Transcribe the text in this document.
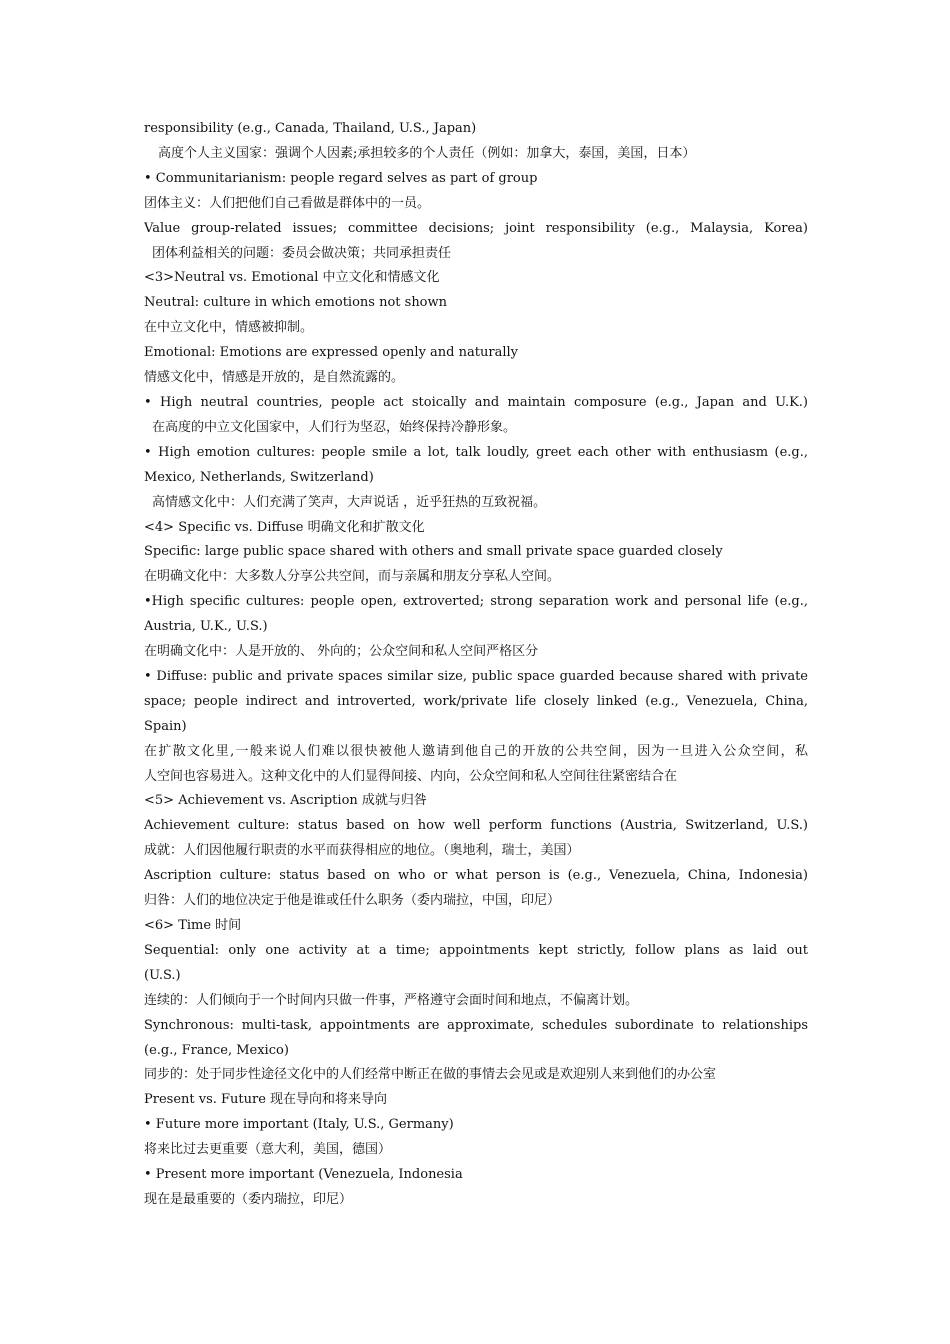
responsibility (e.g., Canada, Thailand, U.S., Japan)
高度个人主义国家：强调个人因素;承担较多的个人责任（例如：加拿大，泰国，美国，日本）
• Communitarianism: people regard selves as part of group
团体主义：人们把他们自己看做是群体中的一员。
Value group-related issues; committee decisions; joint responsibility (e.g., Malaysia, Korea)
团体利益相关的问题：委员会做决策；共同承担责任
<3>Neutral vs. Emotional 中立文化和情感文化
Neutral: culture in which emotions not shown
在中立文化中，情感被抑制。
Emotional: Emotions are expressed openly and naturally
情感文化中，情感是开放的，是自然流露的。
• High neutral countries, people act stoically and maintain composure (e.g., Japan and U.K.)
在高度的中立文化国家中，人们行为坚忍，始终保持冷静形象。
• High emotion cultures: people smile a lot, talk loudly, greet each other with enthusiasm (e.g.,
Mexico, Netherlands, Switzerland)
高情感文化中：人们充满了笑声，大声说话 ，近乎狂热的互致祝福。
<4> Specific vs. Diffuse 明确文化和扩散文化
Specific: large public space shared with others and small private space guarded closely
在明确文化中：大多数人分享公共空间，而与亲属和朋友分享私人空间。
•High specific cultures: people open, extroverted; strong separation work and personal life (e.g.,
Austria, U.K., U.S.)
在明确文化中：人是开放的、 外向的；公众空间和私人空间严格区分
• Diffuse: public and private spaces similar size, public space guarded because shared with private
space; people indirect and introverted, work/private life closely linked (e.g., Venezuela, China,
Spain)
在扩散文化里,一般来说人们难以很快被他人邀请到他自己的开放的公共空间，因为一旦进入公众空间，私
人空间也容易进入。这种文化中的人们显得间接、内向，公众空间和私人空间往往紧密结合在
<5> Achievement vs. Ascription 成就与归咎
Achievement culture: status based on how well perform functions (Austria, Switzerland, U.S.)
成就：人们因他履行职责的水平而获得相应的地位。（奥地利，瑞士，美国）
Ascription culture: status based on who or what person is (e.g., Venezuela, China, Indonesia)
归咎：人们的地位决定于他是谁或任什么职务（委内瑞拉，中国，印尼）
<6> Time 时间
Sequential: only one activity at a time; appointments kept strictly, follow plans as laid out
(U.S.)
连续的：人们倾向于一个时间内只做一件事，严格遵守会面时间和地点，不偏离计划。
Synchronous: multi-task, appointments are approximate, schedules subordinate to relationships
(e.g., France, Mexico)
同步的：处于同步性途径文化中的人们经常中断正在做的事情去会见或是欢迎别人来到他们的办公室
Present vs. Future 现在导向和将来导向
• Future more important (Italy, U.S., Germany)
将来比过去更重要（意大利，美国，德国）
• Present more important (Venezuela, Indonesia
现在是最重要的（委内瑞拉，印尼）
